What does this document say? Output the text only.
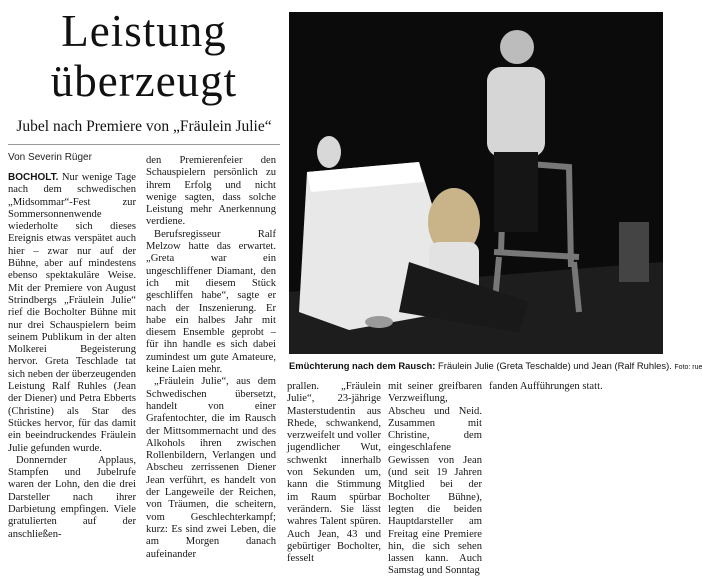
Leistung
überzeugt
Jubel nach Premiere von „Fräulein Julie“
Von Severin Rüger

BOCHOLT. Nur wenige Tage nach dem schwedischen „Midsommar“-Fest zur Sommersonnenwende wiederholte sich dieses Ereignis etwas verspätet auch hier – zwar nur auf der Bühne, aber auf mindestens ebenso spektakuläre Weise. Mit der Premiere von August Strindbergs „Fräulein Julie“ rief die Bocholter Bühne mit nur drei Schauspielern beim seinem Publikum in der alten Molkerei Begeisterung hervor. Greta Teschlade tat sich neben der überzeugenden Leistung Ralf Ruhles (Jean der Diener) und Petra Ebberts (Christine) als Star des Stückes hervor, für das damit ein beeindruckendes Fräulein Julie gefunden wurde.

Donnernder Applaus, Stampfen und Jubelrufe waren der Lohn, den die drei Darsteller nach ihrer Darbietung empfingen. Viele gratulierten auf der anschließen-

den Premierenfeier den Schauspielern persönlich zu ihrem Erfolg und nicht wenige sagten, dass solche Leistung mehr Anerkennung verdiene.

Berufsregisseur Ralf Melzow hatte das erwartet. „Greta war ein ungeschliffener Diamant, den ich mit diesem Stück geschliffen habe“, sagte er nach der Inszenierung. Er habe ein halbes Jahr mit diesem Ensemble geprobt – für ihn handle es sich dabei zumindest um gute Amateure, keine Laien mehr.

„Fräulein Julie“, aus dem Schwedischen übersetzt, handelt von einer Grafentochter, die im Rausch der Mittsommernacht und des Alkohols ihren zwischen Rollenbildern, Verlangen und Abscheu zerrissenen Diener Jean verführt, es handelt von der Langeweile der Reichen, von Träumen, die scheitern, vom Geschlechterkampf; kurz: Es sind zwei Leben, die am Morgen danach aufeinander

Emüchterung nach dem Rausch: Fräulein Julie (Greta Teschalde) und Jean (Ralf Ruhles). Foto: rue

prallen. „Fräulein Julie“, 23-jährige Masterstudentin aus Rhede, schwankend, verzweifelt und voller jugendlicher Wut, schwenkt innerhalb von Sekunden um, kann die Stimmung im Raum spürbar verändern. Sie lässt wahres Talent spüren. Auch Jean, 43 und gebürtiger Bocholter, fesselt

mit seiner greifbaren Verzweiflung, Abscheu und Neid. Zusammen mit Christine, dem eingeschlafene Gewissen von Jean (und seit 19 Jahren Mitglied bei der Bocholter Bühne), legten die beiden Hauptdarsteller am Freitag eine Premiere hin, die sich sehen lassen kann. Auch Samstag und Sonntag

fanden Aufführungen statt.
